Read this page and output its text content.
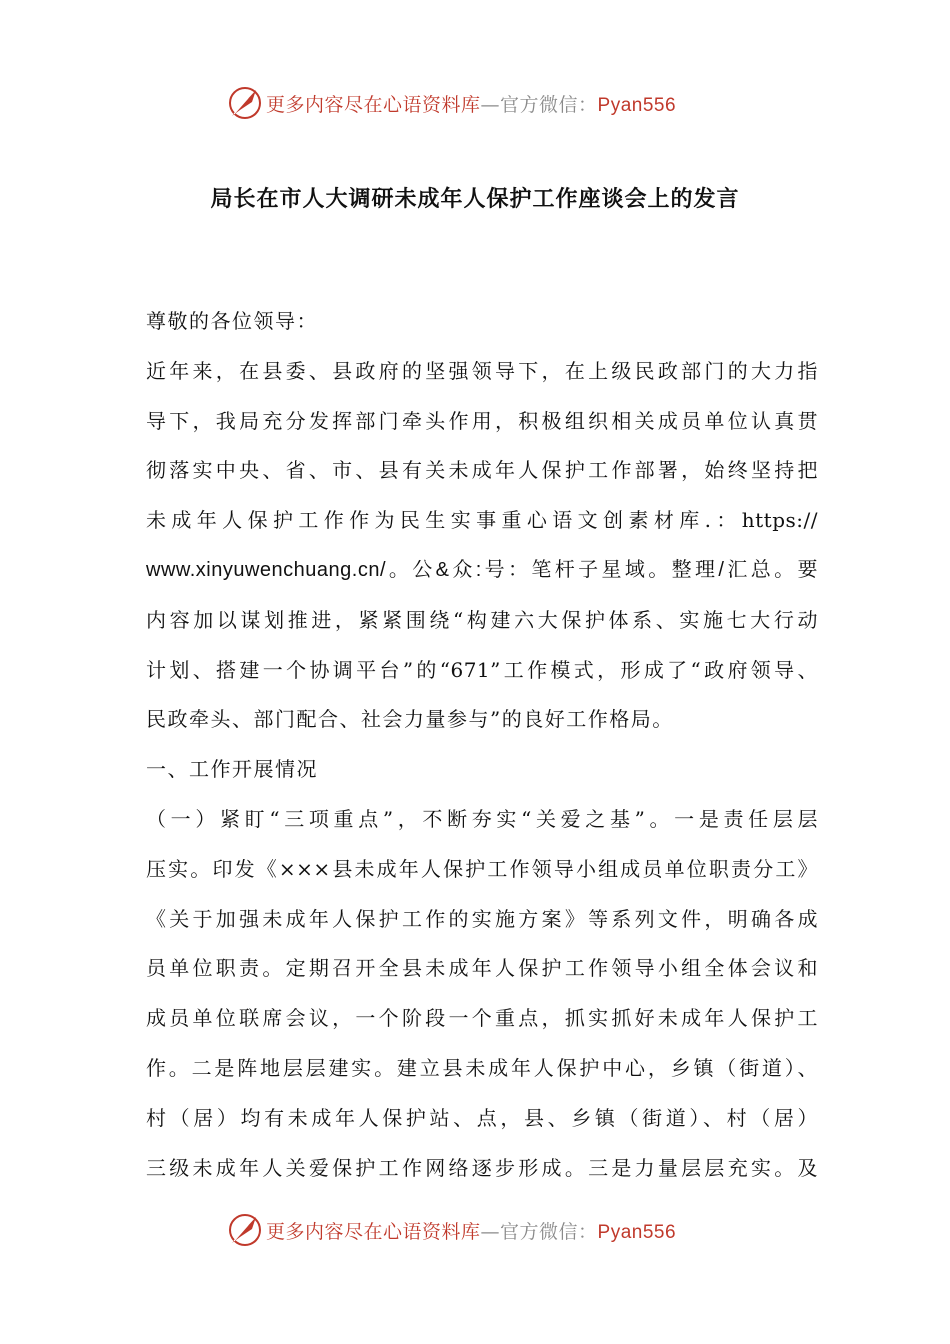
更多内容尽在心语资料库—官方微信：Pyan556
局长在市人大调研未成年人保护工作座谈会上的发言
尊敬的各位领导：
近年来，在县委、县政府的坚强领导下，在上级民政部门的大力指
导下，我局充分发挥部门牵头作用，积极组织相关成员单位认真贯
彻落实中央、省、市、县有关未成年人保护工作部署，始终坚持把
未成年人保护工作作为民生实事重心语文创素材库.：https://
www.xinyuwenchuang.cn/。公&众:号：笔杆子星域。整理/汇总。要
内容加以谋划推进，紧紧围绕“构建六大保护体系、实施七大行动
计划、搭建一个协调平台”的“671”工作模式，形成了“政府领导、
民政牵头、部门配合、社会力量参与”的良好工作格局。
一、工作开展情况
（一）紧盯“三项重点”，不断夯实“关爱之基”。一是责任层层
压实。印发《×××县未成年人保护工作领导小组成员单位职责分工》
《关于加强未成年人保护工作的实施方案》等系列文件，明确各成
员单位职责。定期召开全县未成年人保护工作领导小组全体会议和
成员单位联席会议，一个阶段一个重点，抓实抓好未成年人保护工
作。二是阵地层层建实。建立县未成年人保护中心，乡镇（街道）、
村（居）均有未成年人保护站、点，县、乡镇（街道）、村（居）
三级未成年人关爱保护工作网络逐步形成。三是力量层层充实。及
更多内容尽在心语资料库—官方微信：Pyan556
